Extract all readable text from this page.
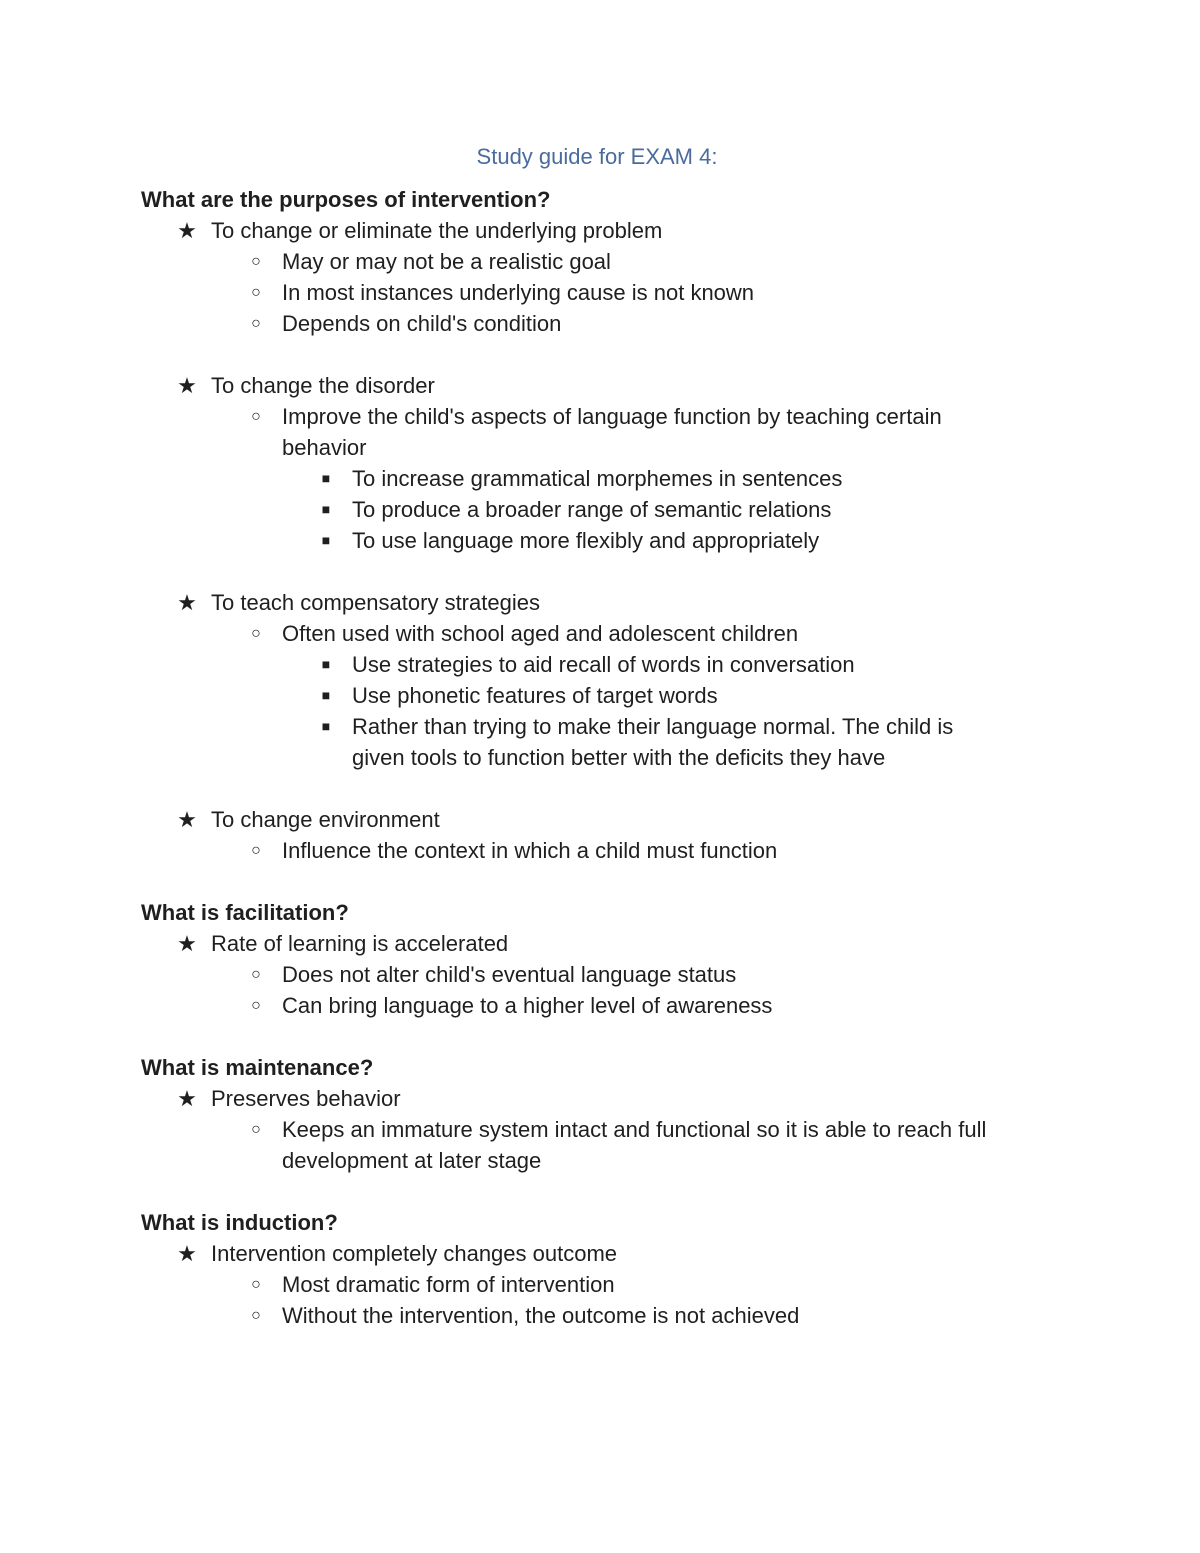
Study guide for EXAM 4:

What are the purposes of intervention?

★ To change or eliminate the underlying problem

○ May or may not be a realistic goal

○ In most instances underlying cause is not known

○ Depends on child's condition

★ To change the disorder

○ Improve the child's aspects of language function by teaching certain behavior

■ To increase grammatical morphemes in sentences

■ To produce a broader range of semantic relations

■ To use language more flexibly and appropriately

★ To teach compensatory strategies

○ Often used with school aged and adolescent children

■ Use strategies to aid recall of words in conversation

■ Use phonetic features of target words

■ Rather than trying to make their language normal. The child is given tools to function better with the deficits they have

★ To change environment

○ Influence the context in which a child must function

What is facilitation?

★ Rate of learning is accelerated

○ Does not alter child's eventual language status

○ Can bring language to a higher level of awareness

What is maintenance?

★ Preserves behavior

○ Keeps an immature system intact and functional so it is able to reach full development at later stage

What is induction?

★ Intervention completely changes outcome

○ Most dramatic form of intervention

○ Without the intervention, the outcome is not achieved
